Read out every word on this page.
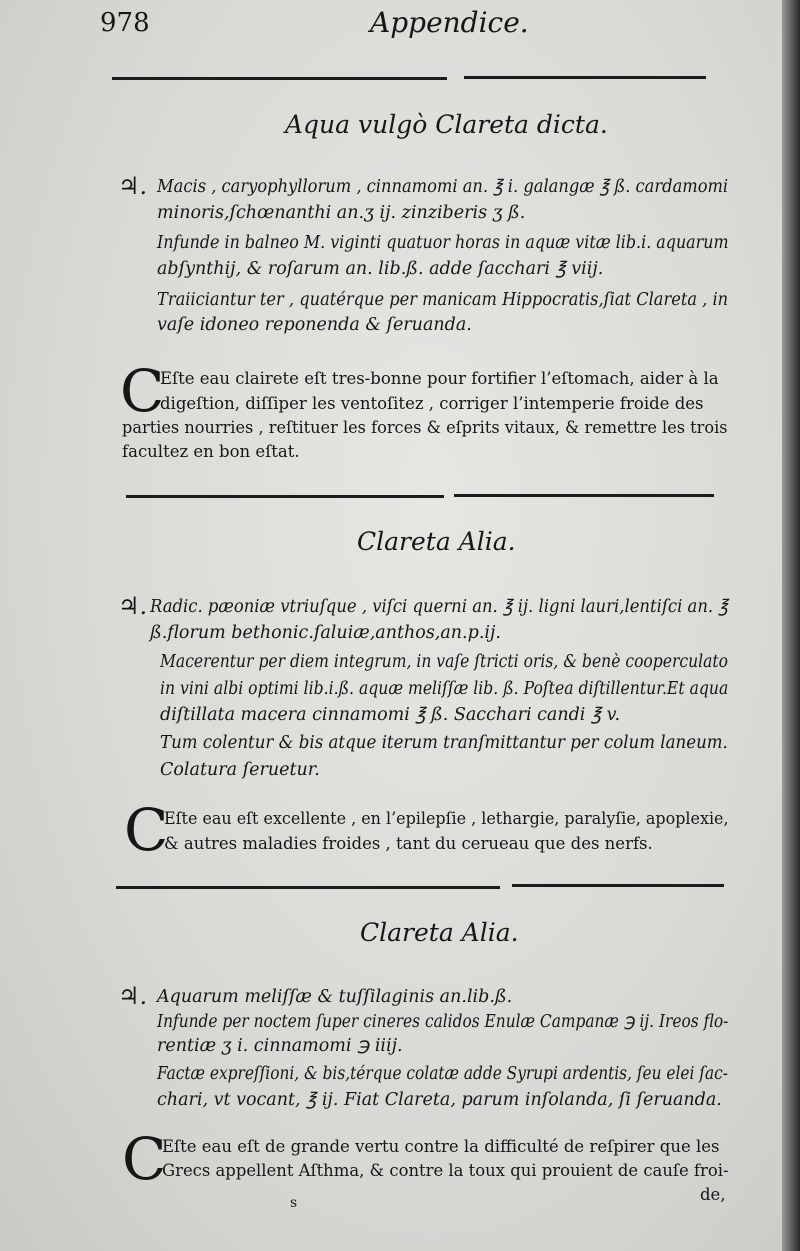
978	Appendice.
Aqua vulgò Clareta dicta.
♃. Macis , caryophyllorum , cinnamomi an. ℥ i. galangæ ℥ ß. cardamomi
minoris,ſchœnanthi an.ʒ ij. zinziberis ʒ ß.
Infunde in balneo M. viginti quatuor horas in aquæ vitæ lib.i. aquarum
abſynthij, & roſarum an. lib.ß. adde ſacchari ℥ viij.
Traiiciantur ter , quatérque per manicam Hippocratis,ſiat Clareta , in
vaſe idoneo reponenda & ſeruanda.
C
Eſte eau clairete eſt tres-bonne pour fortifier l’eſtomach, aider à la
digeſtion, diſſiper les ventoſitez , corriger l’intemperie froide des
parties nourries , reſtituer les forces & eſprits vitaux, & remettre les trois
facultez en bon eſtat.
Clareta Alia.
♃. Radic. pæoniæ vtriuſque , viſci querni an. ℥ ij. ligni lauri,lentiſci an. ℥
ß.florum bethonic.ſaluiæ,anthos,an.p.ij.
Macerentur per diem integrum, in vaſe ſtricti oris, & benè cooperculato
in vini albi optimi lib.i.ß. aquæ meliſſæ lib. ß. Poſtea diſtillentur.Et aqua
diſtillata macera cinnamomi ℥ ß. Sacchari candi ℥ v.
Tum colentur & bis atque iterum tranſmittantur per colum laneum.
Colatura ſeruetur.
C
Eſte eau eſt excellente , en l’epilepſie , lethargie, paralyſie, apoplexie,
& autres maladies froides , tant du cerueau que des nerfs.
Clareta Alia.
♃. Aquarum meliſſæ & tuſſilaginis an.lib.ß.
Infunde per noctem ſuper cineres calidos Enulæ Campanæ ℈ ij. Ireos flo-
rentiæ ʒ i. cinnamomi ℈ iiij.
Factæ expreſſioni, & bis,térque colatæ adde Syrupi ardentis, ſeu elei ſac-
chari, vt vocant, ℥ ij. Fiat Clareta, parum inſolanda, ſi ſeruanda.
C
Eſte eau eſt de grande vertu contre la difficulté de reſpirer que les
Grecs appellent Aſthma, & contre la toux qui prouient de cauſe froi-
de,
s
